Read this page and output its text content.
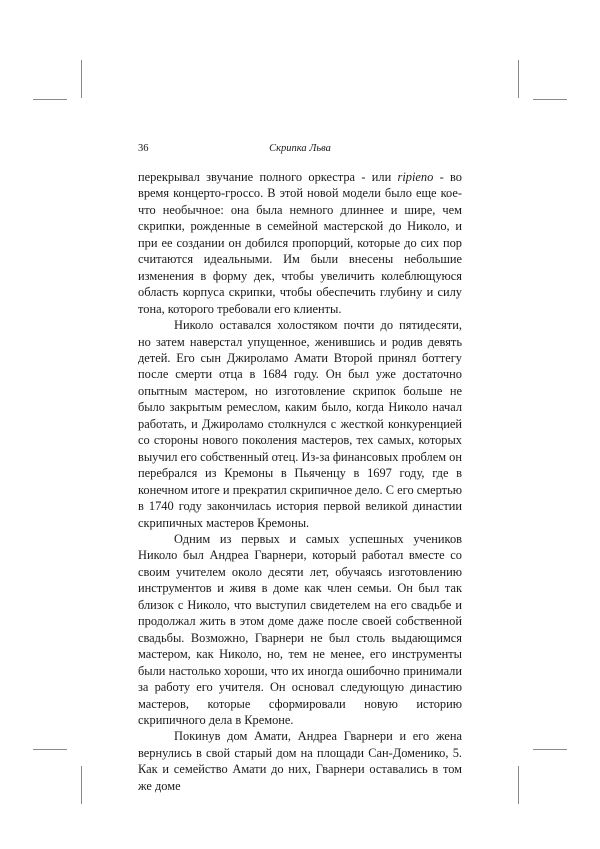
36	Скрипка Льва

перекрывал звучание полного оркестра - или ripieno - во время концерто-гроссо. В этой новой модели было еще кое-что необычное: она была немного длиннее и шире, чем скрипки, рожденные в семейной мастерской до Николо, и при ее создании он добился пропорций, которые до сих пор считаются идеальными. Им были внесены небольшие изменения в форму дек, чтобы увеличить колеблющуюся область корпуса скрипки, чтобы обеспечить глубину и силу тона, которого требовали его клиенты.

Николо оставался холостяком почти до пятидесяти, но затем наверстал упущенное, женившись и родив девять детей. Его сын Джироламо Амати Второй принял боттегу после смерти отца в 1684 году. Он был уже достаточно опытным мастером, но изготовление скрипок больше не было закрытым ремеслом, каким было, когда Николо начал работать, и Джироламо столкнулся с жесткой конкуренцией со стороны нового поколения мастеров, тех самых, которых выучил его собственный отец. Из-за финансовых проблем он перебрался из Кремоны в Пьяченцу в 1697 году, где в конечном итоге и прекратил скрипичное дело. С его смертью в 1740 году закончилась история первой великой династии скрипичных мастеров Кремоны.

Одним из первых и самых успешных учеников Николо был Андреа Гварнери, который работал вместе со своим учителем около десяти лет, обучаясь изготовлению инструментов и живя в доме как член семьи. Он был так близок с Николо, что выступил свидетелем на его свадьбе и продолжал жить в этом доме даже после своей собственной свадьбы. Возможно, Гварнери не был столь выдающимся мастером, как Николо, но, тем не менее, его инструменты были настолько хороши, что их иногда ошибочно принимали за работу его учителя. Он основал следующую династию мастеров, которые сформировали новую историю скрипичного дела в Кремоне.

Покинув дом Амати, Андреа Гварнери и его жена вернулись в свой старый дом на площади Сан-Доменико, 5. Как и семейство Амати до них, Гварнери оставались в том же доме
